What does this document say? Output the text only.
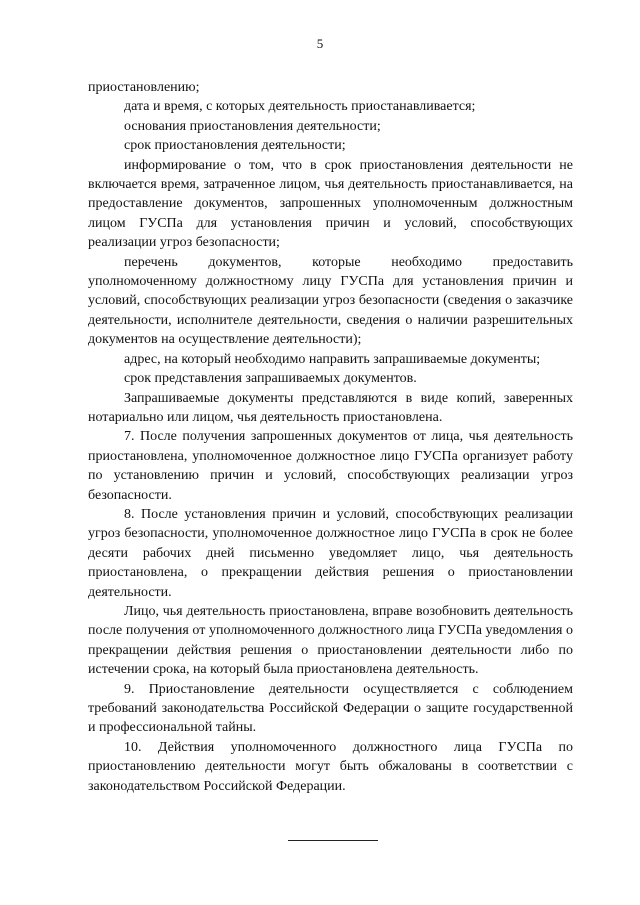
5

приостановлению;

дата и время, с которых деятельность приостанавливается;

основания приостановления деятельности;

срок приостановления деятельности;

информирование о том, что в срок приостановления деятельности не включается время, затраченное лицом, чья деятельность приостанавливается, на предоставление документов, запрошенных уполномоченным должностным лицом ГУСПа для установления причин и условий, способствующих реализации угроз безопасности;

перечень документов, которые необходимо предоставить уполномоченному должностному лицу ГУСПа для установления причин и условий, способствующих реализации угроз безопасности (сведения о заказчике деятельности, исполнителе деятельности, сведения о наличии разрешительных документов на осуществление деятельности);

адрес, на который необходимо направить запрашиваемые документы;

срок представления запрашиваемых документов.

Запрашиваемые документы представляются в виде копий, заверенных нотариально или лицом, чья деятельность приостановлена.

7. После получения запрошенных документов от лица, чья деятельность приостановлена, уполномоченное должностное лицо ГУСПа организует работу по установлению причин и условий, способствующих реализации угроз безопасности.

8. После установления причин и условий, способствующих реализации угроз безопасности, уполномоченное должностное лицо ГУСПа в срок не более десяти рабочих дней письменно уведомляет лицо, чья деятельность приостановлена, о прекращении действия решения о приостановлении деятельности.

Лицо, чья деятельность приостановлена, вправе возобновить деятельность после получения от уполномоченного должностного лица ГУСПа уведомления о прекращении действия решения о приостановлении деятельности либо по истечении срока, на который была приостановлена деятельность.

9. Приостановление деятельности осуществляется с соблюдением требований законодательства Российской Федерации о защите государственной и профессиональной тайны.

10. Действия уполномоченного должностного лица ГУСПа по приостановлению деятельности могут быть обжалованы в соответствии с законодательством Российской Федерации.
